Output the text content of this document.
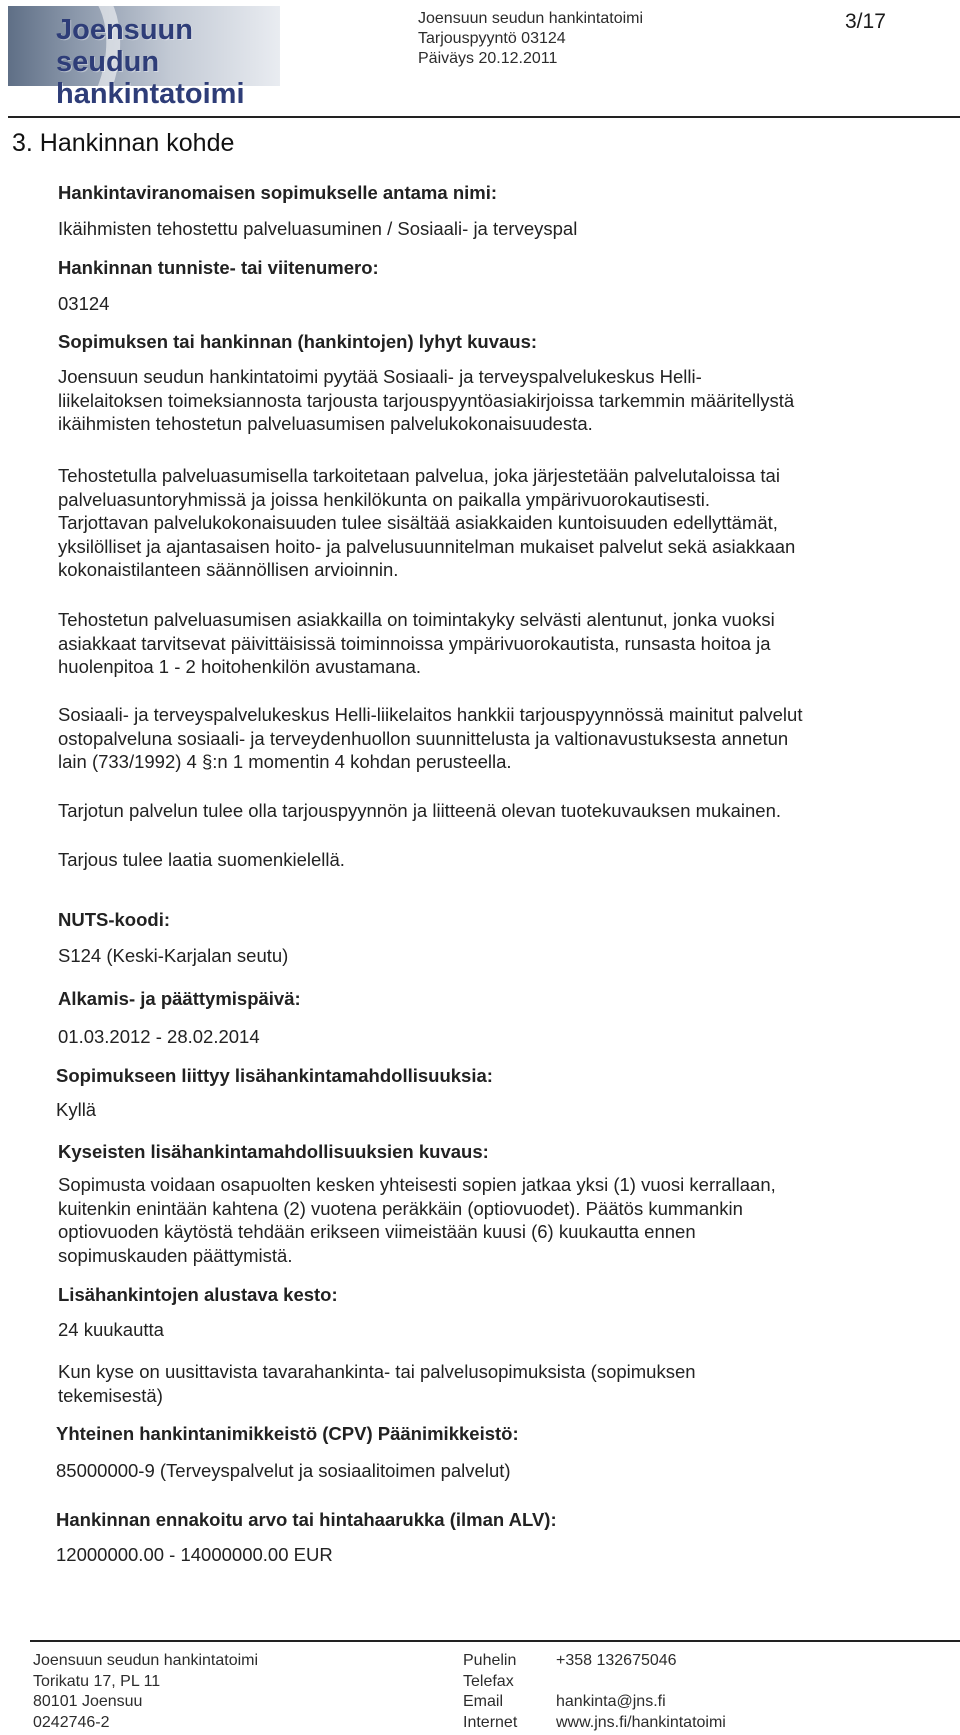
Joensuun seudun
hankintatoimi
Joensuun seudun hankintatoimi
Tarjouspyyntö 03124
Päiväys 20.12.2011
3/17
3. Hankinnan kohde
Hankintaviranomaisen sopimukselle antama nimi:
Ikäihmisten tehostettu palveluasuminen / Sosiaali- ja terveyspal
Hankinnan tunniste- tai viitenumero:
03124
Sopimuksen tai hankinnan (hankintojen) lyhyt kuvaus:
Joensuun seudun hankintatoimi pyytää Sosiaali- ja terveyspalvelukeskus Helli-
liikelaitoksen toimeksiannosta tarjousta tarjouspyyntöasiakirjoissa tarkemmin määritellystä
ikäihmisten tehostetun palveluasumisen palvelukokonaisuudesta.
Tehostetulla palveluasumisella tarkoitetaan palvelua, joka järjestetään palvelutaloissa tai
palveluasuntoryhmissä ja joissa henkilökunta on paikalla ympärivuorokautisesti.
Tarjottavan palvelukokonaisuuden tulee sisältää asiakkaiden kuntoisuuden edellyttämät,
yksilölliset ja ajantasaisen hoito- ja palvelusuunnitelman mukaiset palvelut sekä asiakkaan
kokonaistilanteen säännöllisen arvioinnin.
Tehostetun palveluasumisen asiakkailla on toimintakyky selvästi alentunut, jonka vuoksi
asiakkaat tarvitsevat päivittäisissä toiminnoissa ympärivuorokautista, runsasta hoitoa ja
huolenpitoa 1 - 2 hoitohenkilön avustamana.
Sosiaali- ja terveyspalvelukeskus Helli-liikelaitos hankkii tarjouspyynnössä mainitut palvelut
ostopalveluna sosiaali- ja terveydenhuollon suunnittelusta ja valtionavustuksesta annetun
lain (733/1992) 4 §:n 1 momentin 4 kohdan perusteella.
Tarjotun palvelun tulee olla tarjouspyynnön ja liitteenä olevan tuotekuvauksen mukainen.
Tarjous tulee laatia suomenkielellä.
NUTS-koodi:
S124 (Keski-Karjalan seutu)
Alkamis- ja päättymispäivä:
01.03.2012 - 28.02.2014
Sopimukseen liittyy lisähankintamahdollisuuksia:
Kyllä
Kyseisten lisähankintamahdollisuuksien kuvaus:
Sopimusta voidaan osapuolten kesken yhteisesti sopien jatkaa yksi (1) vuosi kerrallaan,
kuitenkin enintään kahtena (2) vuotena peräkkäin (optiovuodet). Päätös kummankin
optiovuoden käytöstä tehdään erikseen viimeistään kuusi (6) kuukautta ennen
sopimuskauden päättymistä.
Lisähankintojen alustava kesto:
24 kuukautta
Kun kyse on uusittavista tavarahankinta- tai palvelusopimuksista (sopimuksen
tekemisestä)
Yhteinen hankintanimikkeistö (CPV) Päänimikkeistö:
85000000-9 (Terveyspalvelut ja sosiaalitoimen palvelut)
Hankinnan ennakoitu arvo tai hintahaarukka (ilman ALV):
12000000.00 - 14000000.00 EUR
Joensuun seudun hankintatoimi
Torikatu 17, PL 11
80101 Joensuu
0242746-2
Puhelin
Telefax
Email
Internet
+358 132675046

hankinta@jns.fi
www.jns.fi/hankintatoimi
